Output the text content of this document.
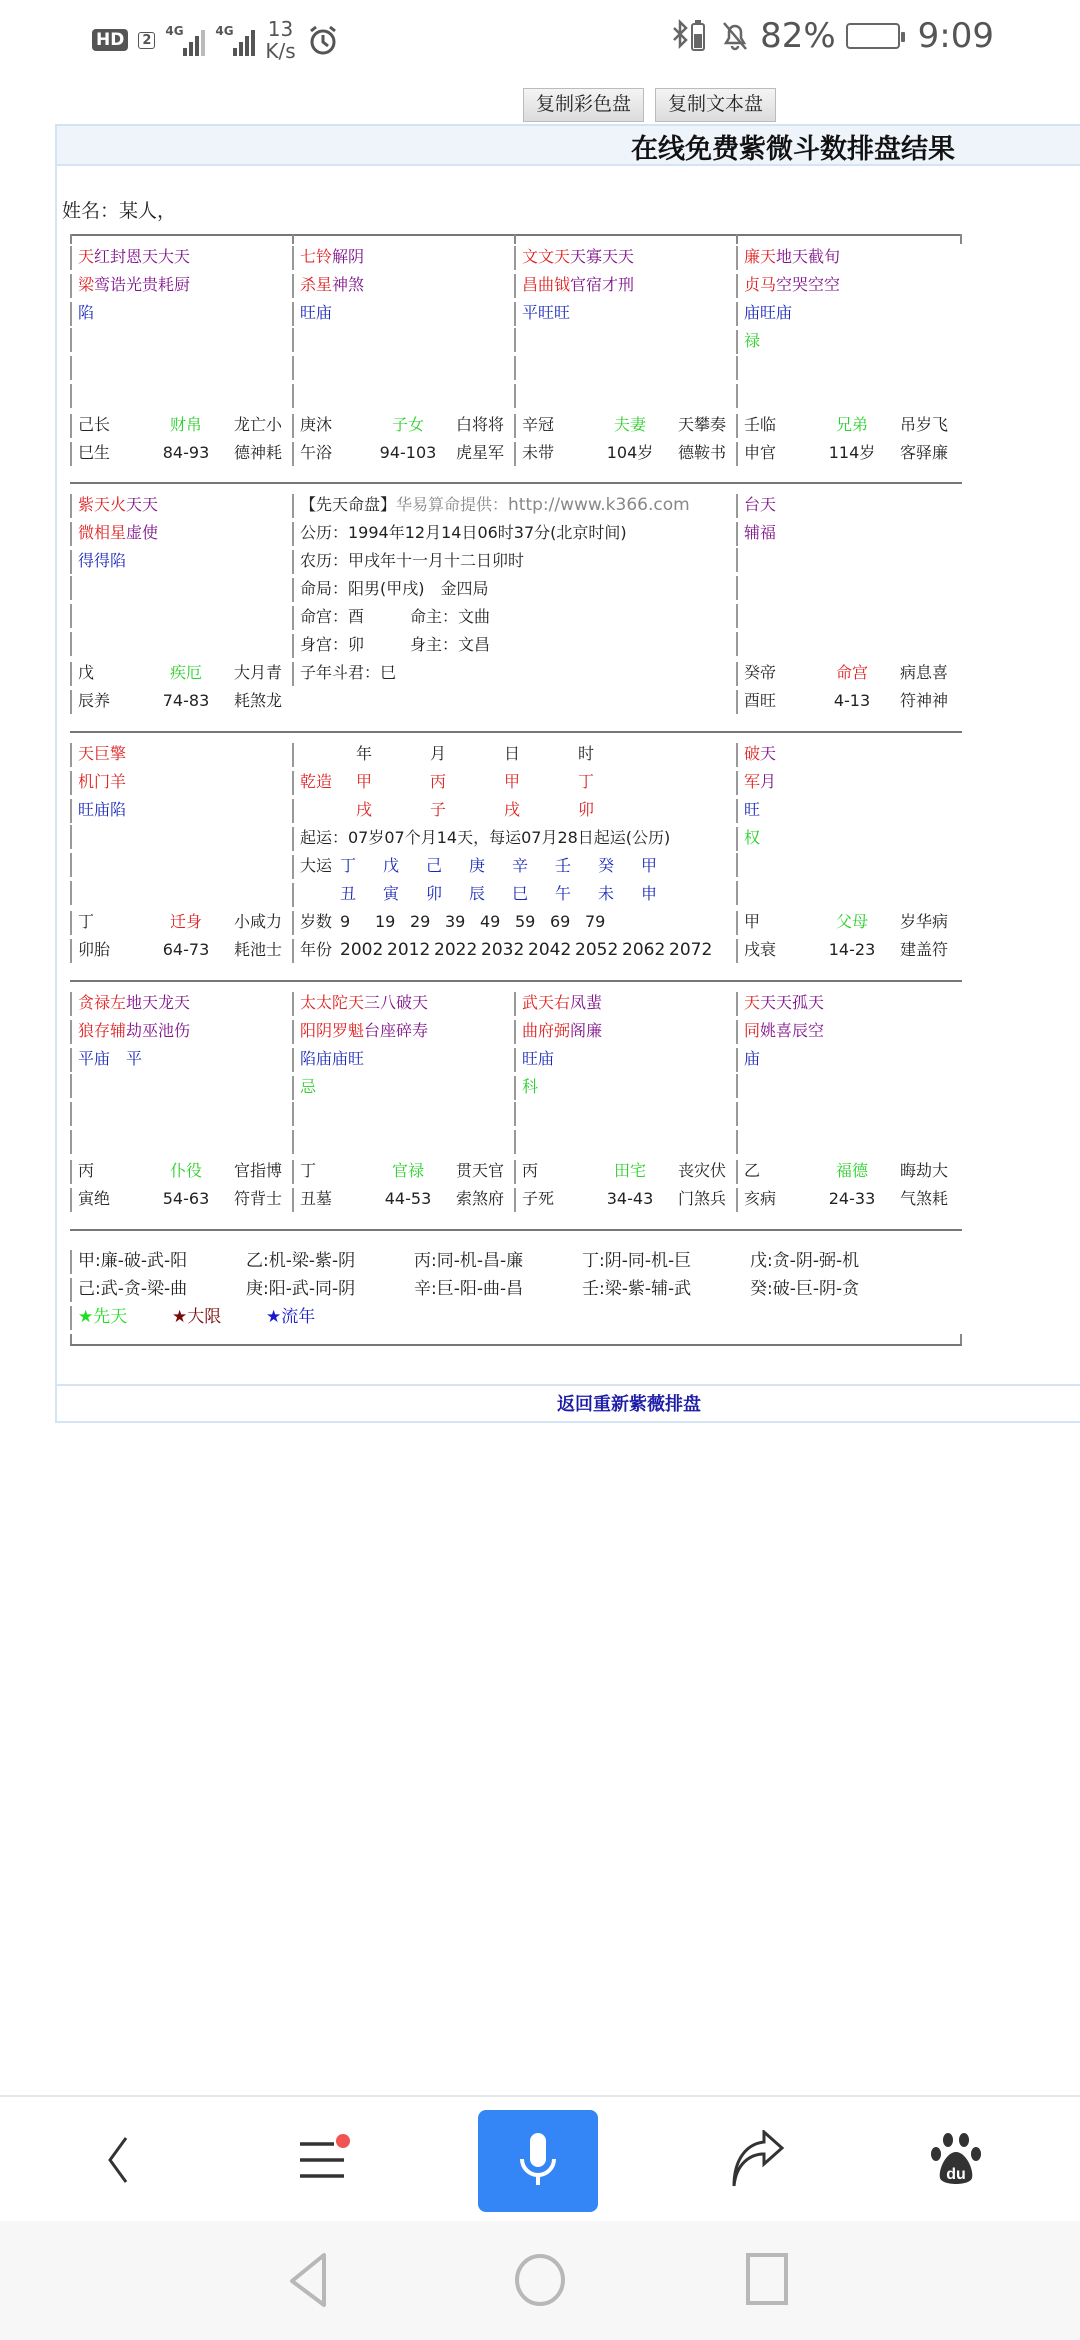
HD	2
4G	4G 13
K/s	82% 9:09
复制彩色盘	复制文本盘
在线免费紫微斗数排盘结果
姓名：某人，
天红封恩天大天
梁鸾诰光贵耗厨
陷
己长	财帛 龙亡小
巳生	84-93 德神耗
七铃解阴
杀星神煞
旺庙
庚沐	子女 白将将
午浴	94-103 虎星军
文文天天寡天天
昌曲钺官宿才刑
平旺旺
辛冠	夫妻 天攀奏
未带	104岁 德鞍书
廉天地天截旬
贞马空哭空空
庙旺庙
禄
壬临	兄弟 吊岁飞
申官	114岁 客驿廉
紫天火天天
微相星虚使
得得陷
戊	疾厄 大月青
辰养	74-83 耗煞龙
台天
辅福
癸帝	命宫 病息喜
酉旺	4-13 符神神
天巨擎
机门羊
旺庙陷
丁	迁身 小咸力
卯胎	64-73 耗池士
破天
军月
旺
权
甲	父母 岁华病
戌衰	14-23 建盖符
贪禄左地天龙天
狼存辅劫巫池伤
平庙　平
丙	仆役 官指博
寅绝	54-63 符背士
太太陀天三八破天
阳阴罗魁台座碎寿
陷庙庙旺
忌
丁	官禄 贯天官
丑墓	44-53 索煞府
武天右凤蜚
曲府弼阁廉
旺庙
科
丙	田宅 丧灾伏
子死	34-43 门煞兵
天天天孤天
同姚喜辰空
庙
乙	福德 晦劫大
亥病	24-33 气煞耗
【先天命盘】华易算命提供：http://www.k366.com
公历：1994年12月14日06时37分(北京时间)
农历：甲戌年十一月十二日卯时
命局：阳男(甲戌)　金四局
命宫：酉	命主：文曲
身宫：卯	身主：文昌
子年斗君：巳
年	月	日	时
乾造 甲	丙	甲	丁
戌	子	戌	卯
起运：07岁07个月14天，每运07月28日起运(公历)
大运 丁 戊 己 庚 辛 壬 癸 甲
丑 寅 卯 辰 巳 午 未 申
岁数 9 19 29 39 49 59 69 79
年份 2002 2012 2022 2032 2042 2052 2062 2072
甲:廉-破-武-阳	乙:机-梁-紫-阴	丙:同-机-昌-廉	丁:阴-同-机-巨	戊:贪-阴-弼-机
己:武-贪-梁-曲	庚:阳-武-同-阴	辛:巨-阳-曲-昌	壬:梁-紫-辅-武	癸:破-巨-阴-贪
★先天	★大限	★流年
返回重新紫薇排盘
du
